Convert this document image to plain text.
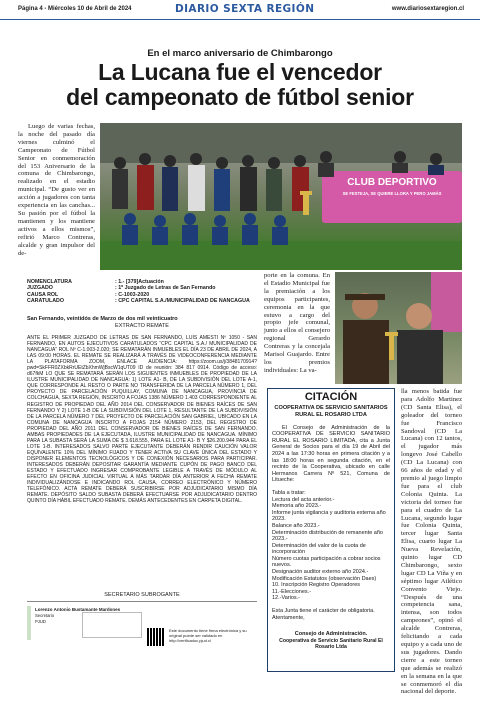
Página 4 - Miércoles 10 de Abril de 2024	DIARIO SEXTA REGIÓN	www.diariosextaregion.cl
En el marco aniversario de Chimbarongo
La Lucana fue el vencedor
del campeonato de fútbol senior
Luego de varias fechas, la noche del pasado día viernes culminó el Campeonato de Fútbol Senior en conmemoración del 153 Aniversario de la comuna de Chimbarongo, realizado en el estadio municipal. “De gusto ver en acción a jugadores con tanta experiencia en las canchas... Su pasión por el fútbol la mantienen y los mantiene activos a ellos mismos”, refirió Marco Contreras, alcalde y gran impulsor del de-
CLUB DEPORTIVO
SE FESTEJA, SE QUIERE LLORA Y PERO JAMÁS
NOMENCLATURA	: 1.- [379]Actuación
JUZGADO	: 1º Juzgado de Letras de San Fernando
CAUSA ROL	: C-1003-2020
CARATULADO	: CPC CAPITAL S.A./MUNICIPALIDAD DE NANCAGUA
San Fernando, veintidós de Marzo de dos mil veinticuatro
EXTRACTO REMATE
ANTE EL PRIMER JUZGADO DE LETRAS DE SAN FERNANDO, LUIS AMESTI Nº 1050 - SAN FERNANDO, EN AUTOS EJECUTIVOS CARATULADOS “CPC CAPITAL S.A./ MUNICIPALIDAD DE NANCAGUA” ROL Nº C-1.003-2.020; SE REMATARÁN INMUEBLES EL DÍA 23 DE ABRIL DE 2024, A LAS 09:00 HORAS. EL REMATE SE REALIZARÁ A TRAVÉS DE VIDEOCONFERENCIA MEDIANTE LA PLATAFORMA ZOOM, ENLACE AUDIENCIA: https://zoom.us/j/3848170914? pwd=SkFFR0ZXbkRrUEtZbXhmWjBscW1qUT09 ID de reunión: 384 817 0914. Código de acceso: d67fkM LO QUE SE REMATARÁ SERÁN LOS SIGUIENTES INMUEBLES DE PROPIEDAD DE LA ILUSTRE MUNICIPALIDAD DE NANCAGUA: 1) LOTE A1- B, DE LA SUBDIVISIÓN DEL LOTE A-1, QUE CORRESPONDE AL RESTO O PARTE NO TRANSFERIDA DE LA PARCELA NÚMERO 1, DEL PROYECTO DE PARCELACIÓN PUQUILLAY, COMUNA DE NANCAGUA, PROVINCIA DE COLCHAGUA, SEXTA REGIÓN, INSCRITO A FOJAS 1386 NÚMERO 1.403 CORRESPONDIENTE AL REGISTRO DE PROPIEDAD DEL AÑO 2014 DEL CONSERVADOR DE BIENES RAÍCES DE SAN FERNANDO Y 2) LOTE 1-B DE LA SUBDIVISIÓN DEL LOTE 1, RESULTANTE DE LA SUBDIVISIÓN DE LA PARCELA NÚMERO 7 DEL PROYECTO DE PARCELACIÓN SAN GABRIEL, UBICADO EN LA COMUNA DE NANCAGUA INSCRITO A FOJAS 2154 NÚMERO 2153, DEL REGISTRO DE PROPIEDAD DEL AÑO 2011 DEL CONSERVADOR DE BIENES RAÍCES DE SAN FERNANDO. AMBAS PROPIEDADES DE LA EJECUTADA, ILUSTRE MUNICIPALIDAD DE NANCAGUA. MÍNIMO PARA LA SUBASTA SERÁ LA SUMA DE $ 3.618.555, PARA EL LOTE A1- B Y $26.200.944 PARA EL LOTE 1-B. INTERESADOS SALVO PARTE EJECUTANTE DEBERÁN RENDIR CAUCIÓN VALOR EQUIVALENTE 10% DEL MÍNIMO FIJADO Y TENER ACTIVA SU CLAVE ÚNICA DEL ESTADO Y DISPONER ELEMENTOS TECNOLÓGICOS Y DE CONEXIÓN NECESARIOS PARA PARTICIPAR. INTERESADOS DEBERÁN DEPOSITAR GARANTÍA MEDIANTE CUPÓN DE PAGO BANCO DEL ESTADO Y EFECTUADO INGRESAR COMPROBANTE LEGIBLE A TRAVÉS DE MÓDULO AL EFECTO EN OFICINA JUDICIAL VIRTUAL A MÁS TARDAR DÍA ANTERIOR A FECHA REMATE INDIVIDUALIZÁNDOSE E INDICANDO ROL CAUSA, CORREO ELECTRÓNICO Y NÚMERO TELEFÓNICO. ACTA REMATE DEBERÁ SUSCRIBIRSE POR ADJUDICATARIO MISMO DÍA REMATE. DEPÓSITO SALDO SUBASTA DEBERÁ EFECTUARSE POR ADJUDICATARIO DENTRO QUINTO DÍA HÁBIL EFECTUADO REMATE. DEMÁS ANTECEDENTES EN CARPETA DIGITAL.
SECRETARIO SUBROGANTE
Lorenzo Antonio Bustamante Mardones
Secretario
PJUD
Este documento tiene firma electrónica y su original puede ser validado en http://verificadoc.pjud.cl
porte en la comuna. En el Estadio Municipal fue la premiación a los equipos participantes, ceremonia en la que estuvo a cargo del propio jefe comunal, junto a ellos el consejero regional Gerardo Contreras y la concejala Marisol Guajardo. Entre los premios individuales: La va-
CITACIÓN
COOPERATIVA DE SERVICIO SANITARIOS RURAL EL ROSARIO LTDA
El Consejo de Administración de la COOPERATIVA DE SERVICIO SANITARIO RURAL EL ROSARIO LIMITADA, cita a Junta General de Socios para el día 19 de Abril del 2024 a las 17:30 horas en primera citación y a las 18:00 horas en segunda citación, en el recinto de la Cooperativa, ubicado en calle Hermanos Carrera Nº 521, Comuna de Litueche:
Tabla a tratar:
Lectura del acta anterior.-
Memoria año 2023.-
Informe junta vigilancia y auditoria externa año 2023.
Balance año 2023.-
Determinación distribución de remanente año 2023.-
Determinación del valor de la cuota de incorporación
Número cuotas participación a cobrar socios nuevos.
Designación auditor externo año 2024.-
Modificación Estatutos (observación Daes)
10. Inscripción Registro Operadores
11.-Elecciones.-
12.-Varios.-
Esta Junta tiene el carácter de obligatoria. Atentamente,
Consejo de Administración.
Cooperativa de Servicio Sanitario Rural El Rosario Ltda
lla menos batida fue para Adolfo Martinez (CD Santa Elisa), el goleador del torneo fue Francisco Sandoval (CD La Lucana) con 12 tantos, el jugador más longevo José Cabello (CD La Lucana) con 66 años de edad y el premio al juego limpio fue para el club Colonia Quinta. La victoria del torneo fue para el cuadro de La Lucana, segundo lugar fue Colonia Quinta, tercer lugar Santa Elisa, cuarto lugar La Nueva Revelación, quinto lugar CD Chimbarongo, sexto lugar CD La Viña y en séptimo lugar Atlético Convento Viejo. “Después de una competencia sana, intensa, son todos campeones”, opinó el alcalde Contreras, felicitando a cada equipo y a cada uno de sus jugadores. Dando cierre a este torneo que además se realizó en la semana en la que se conmemoró el día nacional del deporte.
